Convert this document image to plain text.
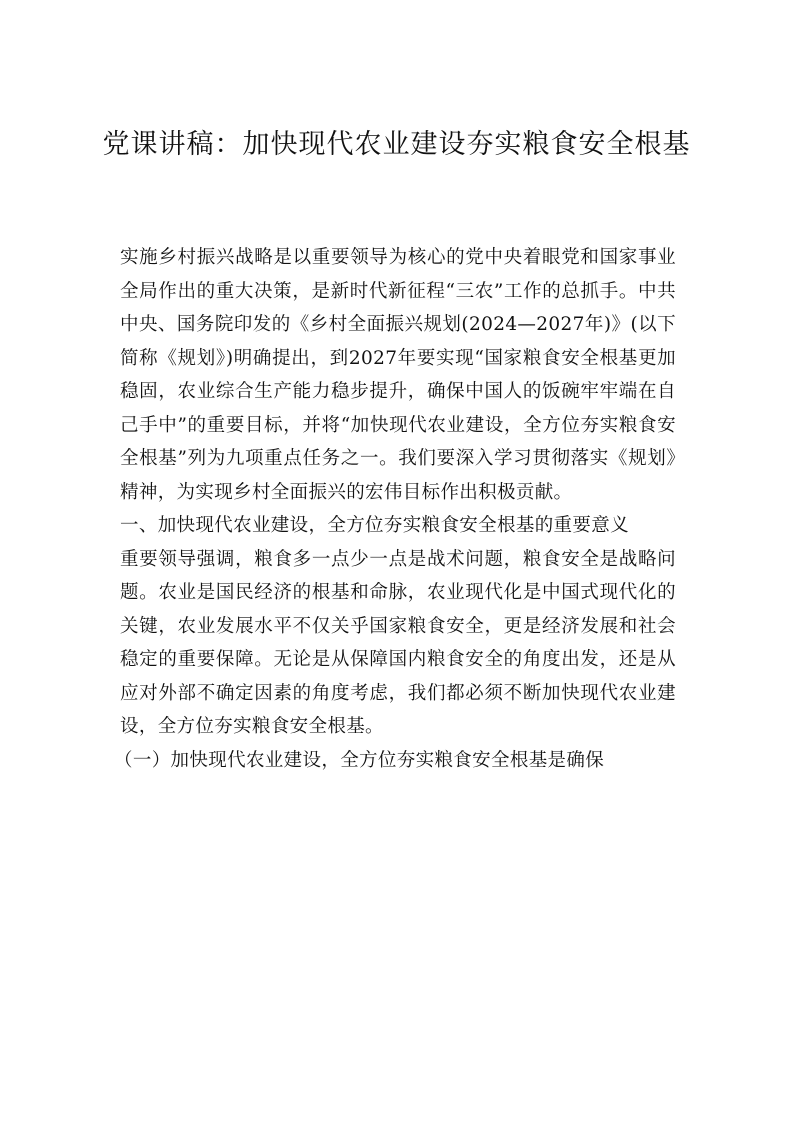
党课讲稿：加快现代农业建设夯实粮食安全根基

实施乡村振兴战略是以重要领导为核心的党中央着眼党和国家事业全局作出的重大决策，是新时代新征程“三农”工作的总抓手。中共中央、国务院印发的《乡村全面振兴规划(2024—2027年)》(以下简称《规划》)明确提出，到2027年要实现“国家粮食安全根基更加稳固，农业综合生产能力稳步提升，确保中国人的饭碗牢牢端在自己手中”的重要目标，并将“加快现代农业建设，全方位夯实粮食安全根基”列为九项重点任务之一。我们要深入学习贯彻落实《规划》精神，为实现乡村全面振兴的宏伟目标作出积极贡献。

一、加快现代农业建设，全方位夯实粮食安全根基的重要意义

重要领导强调，粮食多一点少一点是战术问题，粮食安全是战略问题。农业是国民经济的根基和命脉，农业现代化是中国式现代化的关键，农业发展水平不仅关乎国家粮食安全，更是经济发展和社会稳定的重要保障。无论是从保障国内粮食安全的角度出发，还是从应对外部不确定因素的角度考虑，我们都必须不断加快现代农业建设，全方位夯实粮食安全根基。

（一）加快现代农业建设，全方位夯实粮食安全根基是确保
